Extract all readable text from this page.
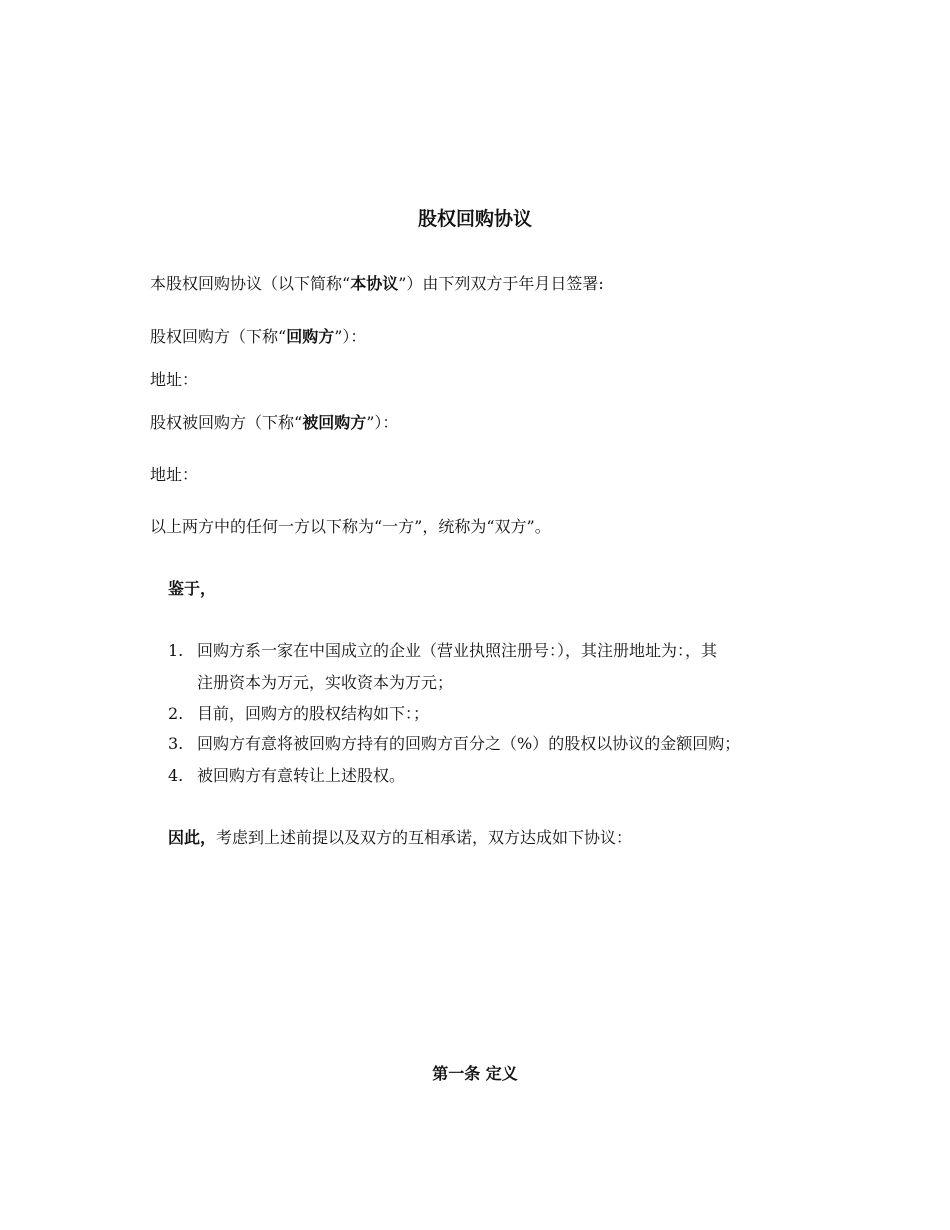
股权回购协议
本股权回购协议（以下简称“本协议”）由下列双方于年月日签署:
股权回购方（下称“回购方”）：
地址：
股权被回购方（下称“被回购方”）：
地址：
以上两方中的任何一方以下称为“一方”，统称为“双方”。
鉴于，
1. 回购方系一家在中国成立的企业（营业执照注册号：），其注册地址为：，其
注册资本为万元，实收资本为万元；
2. 目前，回购方的股权结构如下：；
3. 回购方有意将被回购方持有的回购方百分之（%）的股权以协议的金额回购；
4. 被回购方有意转让上述股权。
因此，考虑到上述前提以及双方的互相承诺，双方达成如下协议：
第一条 定义
